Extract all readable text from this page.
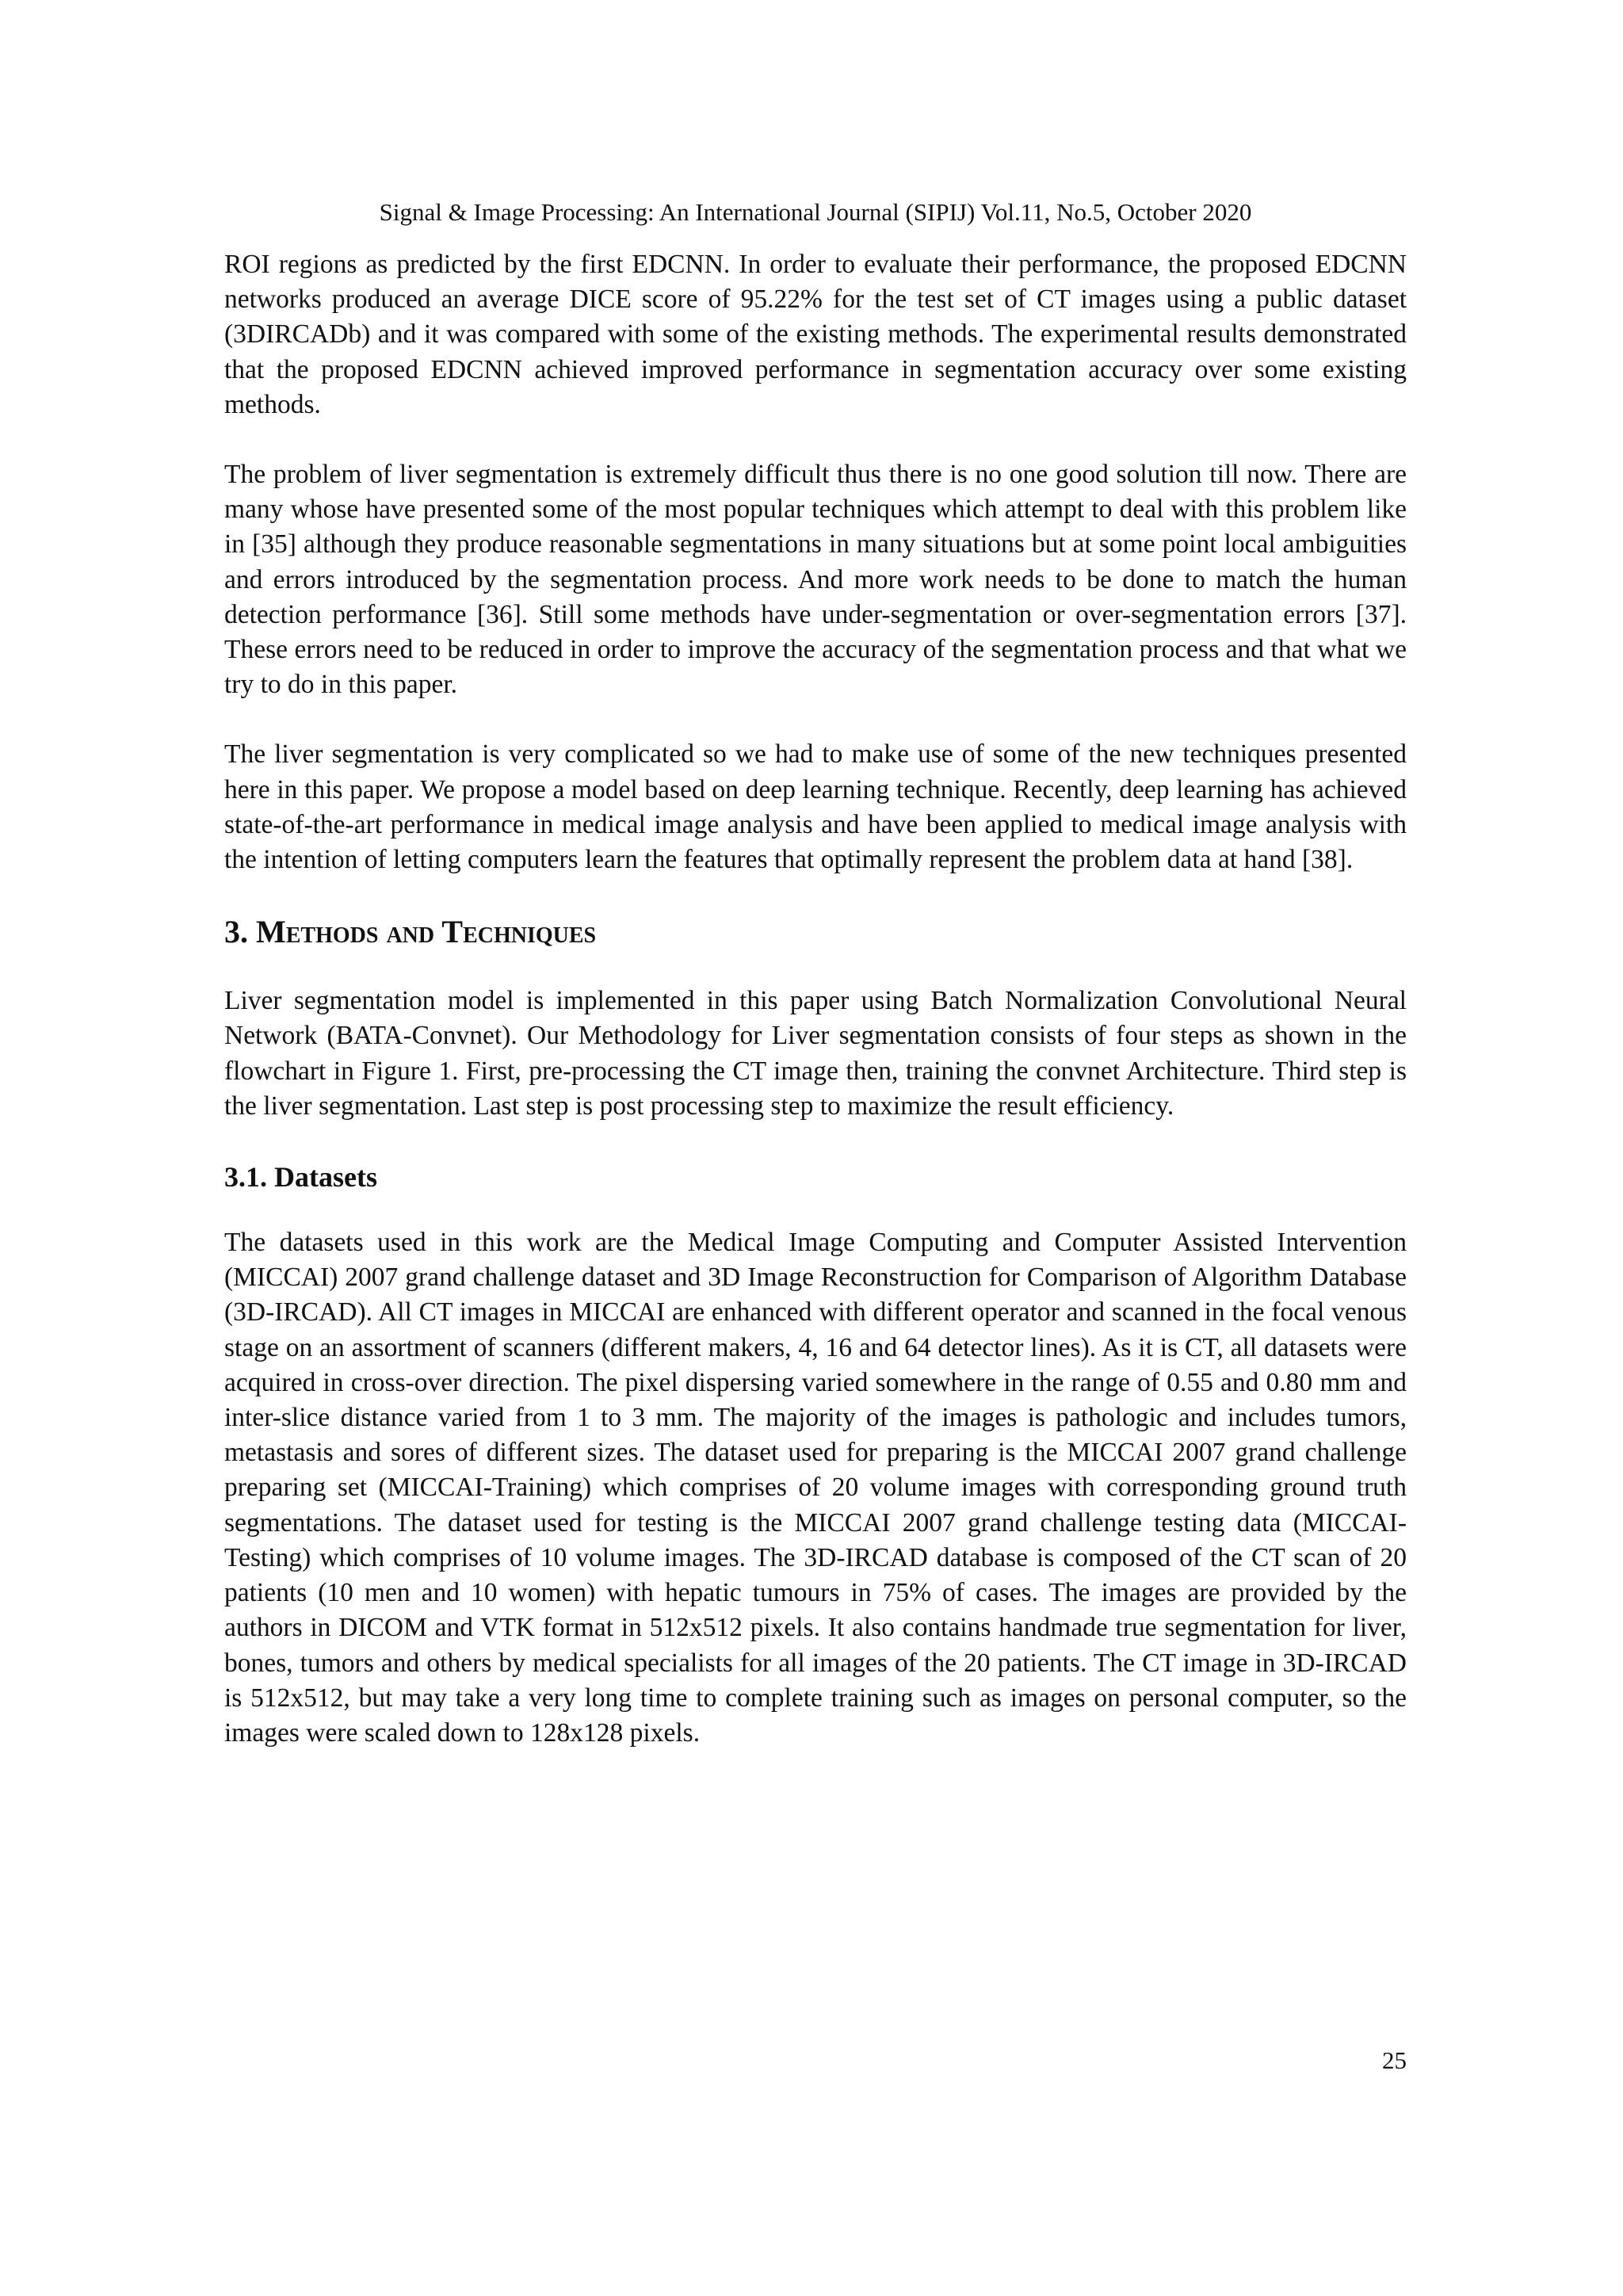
Signal & Image Processing: An International Journal (SIPIJ) Vol.11, No.5, October 2020

ROI regions as predicted by the first EDCNN. In order to evaluate their performance, the proposed EDCNN networks produced an average DICE score of 95.22% for the test set of CT images using a public dataset (3DIRCADb) and it was compared with some of the existing methods. The experimental results demonstrated that the proposed EDCNN achieved improved performance in segmentation accuracy over some existing methods.

The problem of liver segmentation is extremely difficult thus there is no one good solution till now. There are many whose have presented some of the most popular techniques which attempt to deal with this problem like in [35] although they produce reasonable segmentations in many situations but at some point local ambiguities and errors introduced by the segmentation process. And more work needs to be done to match the human detection performance [36]. Still some methods have under-segmentation or over-segmentation errors [37]. These errors need to be reduced in order to improve the accuracy of the segmentation process and that what we try to do in this paper.

The liver segmentation is very complicated so we had to make use of some of the new techniques presented here in this paper. We propose a model based on deep learning technique. Recently, deep learning has achieved state-of-the-art performance in medical image analysis and have been applied to medical image analysis with the intention of letting computers learn the features that optimally represent the problem data at hand [38].

3. Methods and Techniques

Liver segmentation model is implemented in this paper using Batch Normalization Convolutional Neural Network (BATA-Convnet). Our Methodology for Liver segmentation consists of four steps as shown in the flowchart in Figure 1. First, pre-processing the CT image then, training the convnet Architecture. Third step is the liver segmentation. Last step is post processing step to maximize the result efficiency.

3.1. Datasets

The datasets used in this work are the Medical Image Computing and Computer Assisted Intervention (MICCAI) 2007 grand challenge dataset and 3D Image Reconstruction for Comparison of Algorithm Database (3D-IRCAD). All CT images in MICCAI are enhanced with different operator and scanned in the focal venous stage on an assortment of scanners (different makers, 4, 16 and 64 detector lines). As it is CT, all datasets were acquired in cross-over direction. The pixel dispersing varied somewhere in the range of 0.55 and 0.80 mm and inter-slice distance varied from 1 to 3 mm. The majority of the images is pathologic and includes tumors, metastasis and sores of different sizes. The dataset used for preparing is the MICCAI 2007 grand challenge preparing set (MICCAI-Training) which comprises of 20 volume images with corresponding ground truth segmentations. The dataset used for testing is the MICCAI 2007 grand challenge testing data (MICCAI-Testing) which comprises of 10 volume images. The 3D-IRCAD database is composed of the CT scan of 20 patients (10 men and 10 women) with hepatic tumours in 75% of cases. The images are provided by the authors in DICOM and VTK format in 512x512 pixels. It also contains handmade true segmentation for liver, bones, tumors and others by medical specialists for all images of the 20 patients. The CT image in 3D-IRCAD is 512x512, but may take a very long time to complete training such as images on personal computer, so the images were scaled down to 128x128 pixels.

25
